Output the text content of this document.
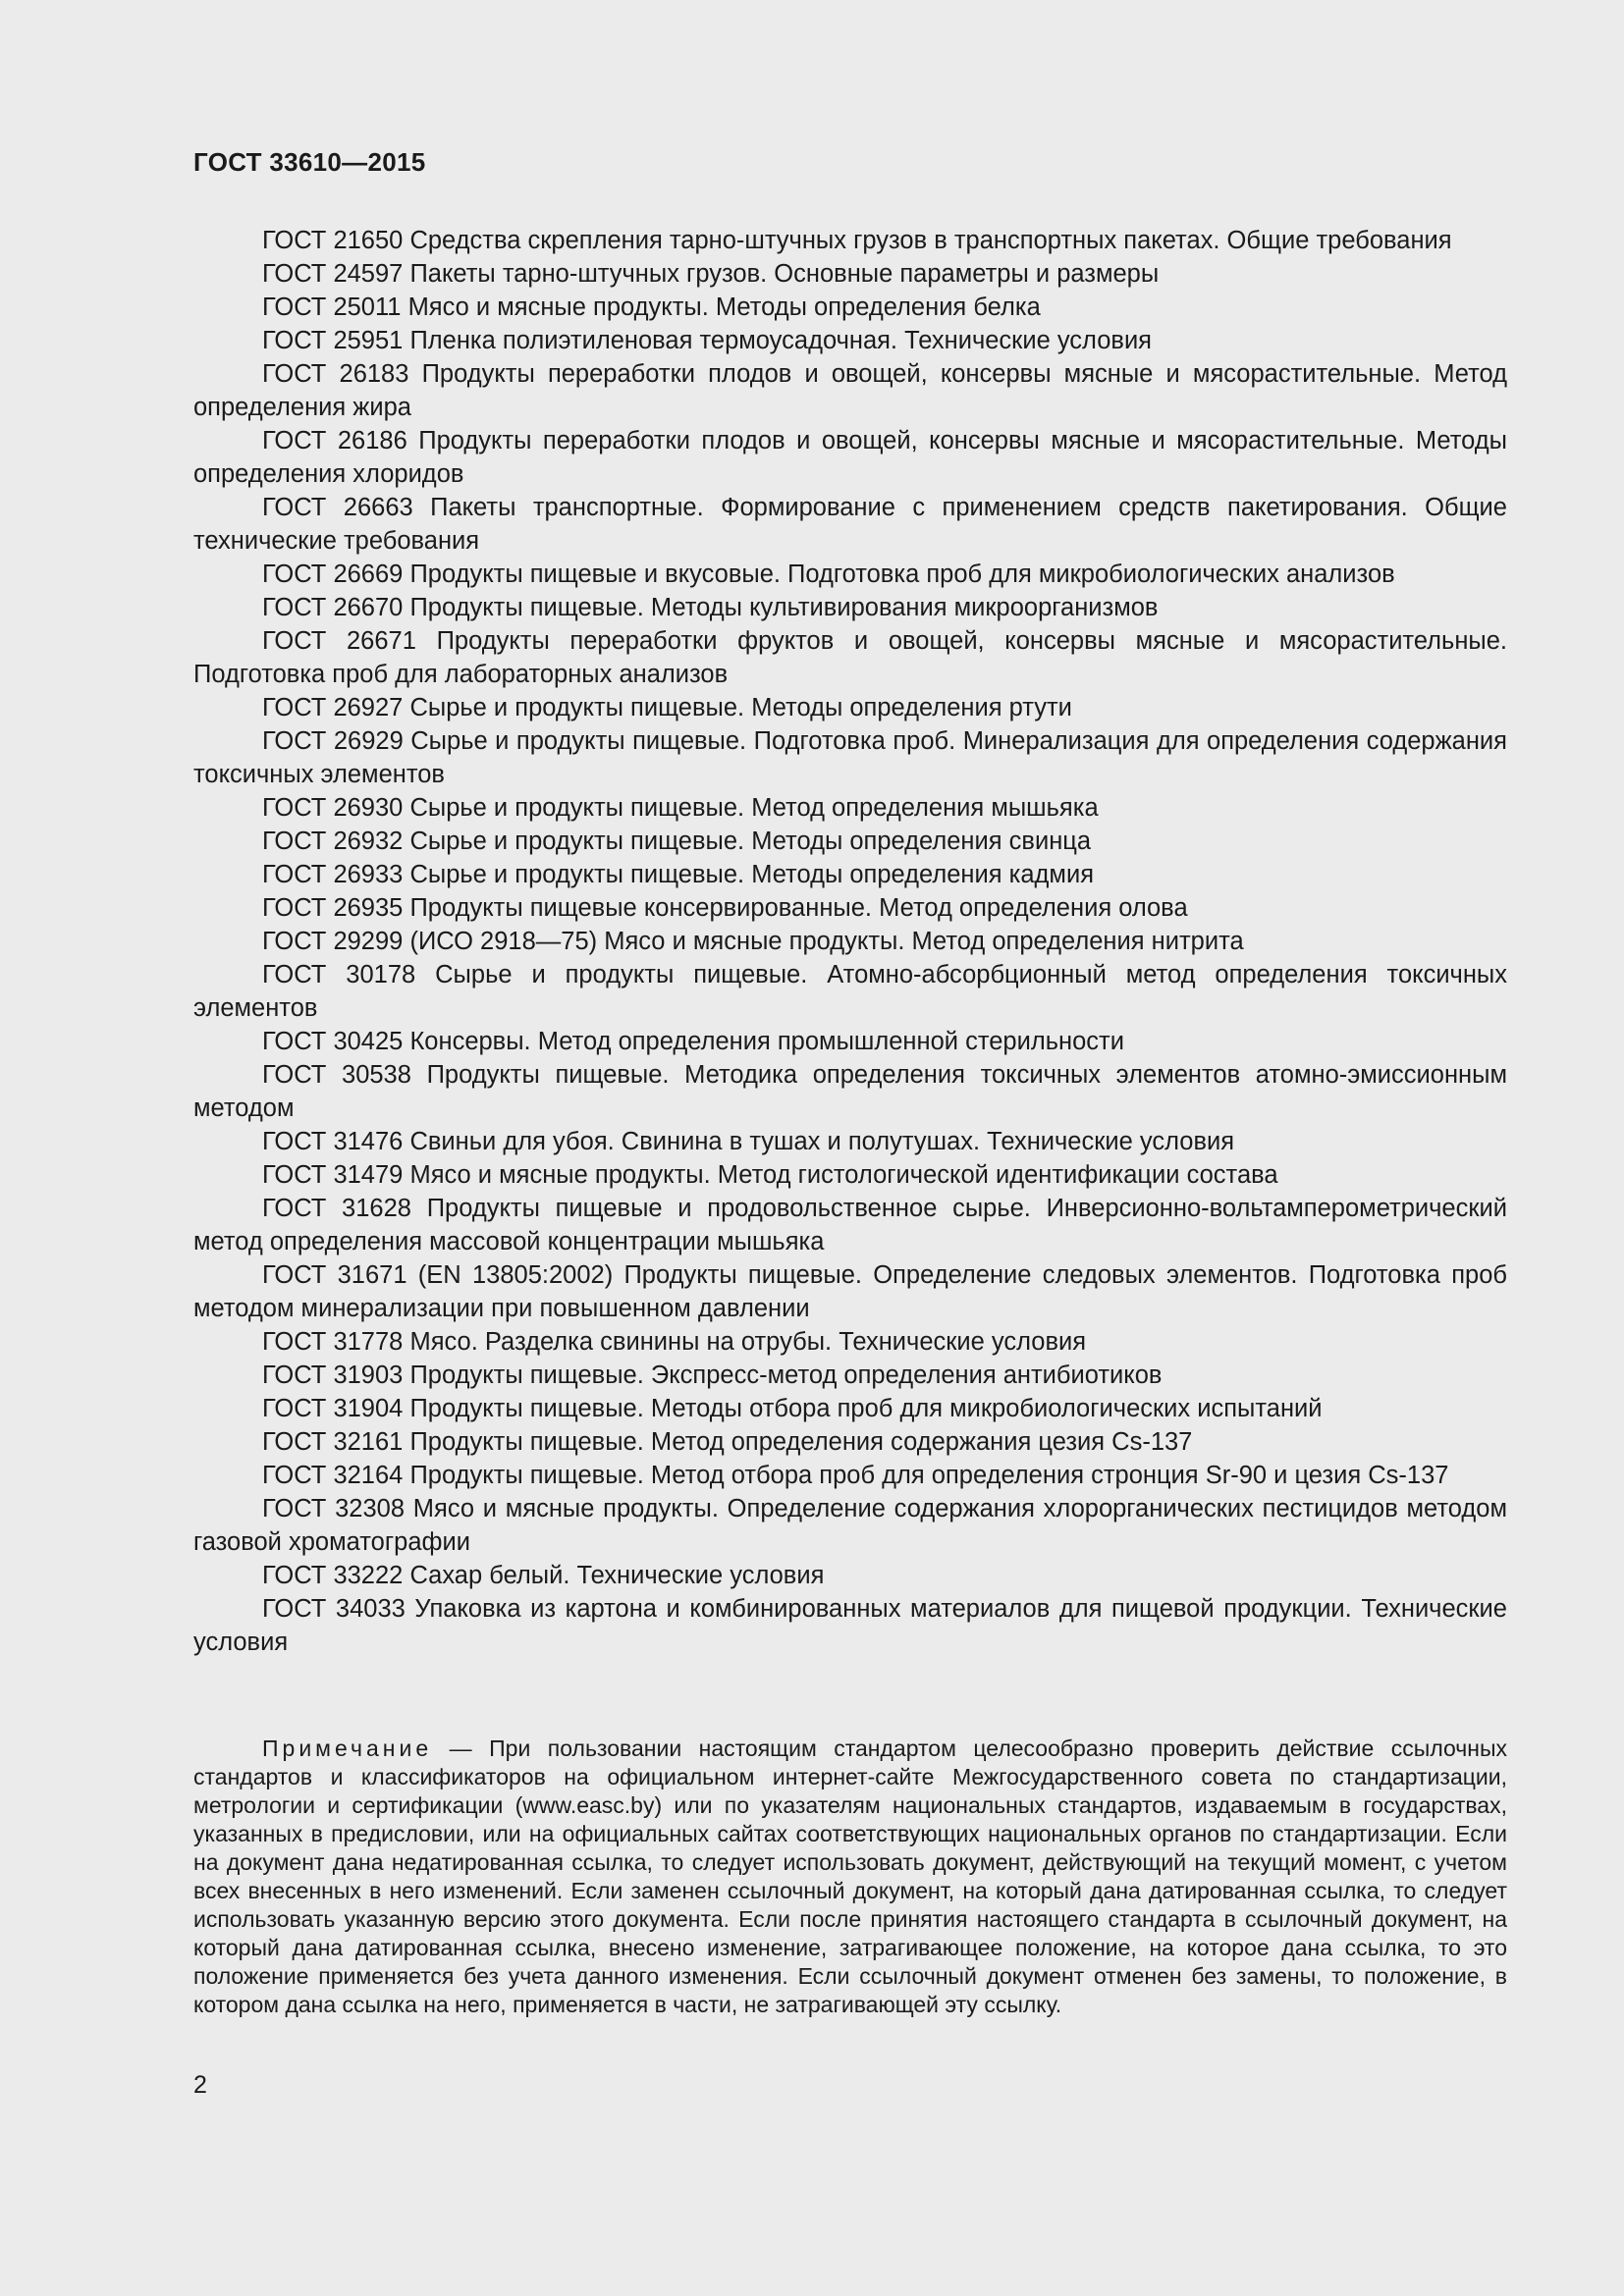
ГОСТ 33610—2015

ГОСТ 21650 Средства скрепления тарно-штучных грузов в транспортных пакетах. Общие требования

ГОСТ 24597 Пакеты тарно-штучных грузов. Основные параметры и размеры

ГОСТ 25011 Мясо и мясные продукты. Методы определения белка

ГОСТ 25951 Пленка полиэтиленовая термоусадочная. Технические условия

ГОСТ 26183 Продукты переработки плодов и овощей, консервы мясные и мясорастительные. Метод определения жира

ГОСТ 26186 Продукты переработки плодов и овощей, консервы мясные и мясорастительные. Методы определения хлоридов

ГОСТ 26663 Пакеты транспортные. Формирование с применением средств пакетирования. Общие технические требования

ГОСТ 26669 Продукты пищевые и вкусовые. Подготовка проб для микробиологических анализов

ГОСТ 26670 Продукты пищевые. Методы культивирования микроорганизмов

ГОСТ 26671 Продукты переработки фруктов и овощей, консервы мясные и мясорастительные. Подготовка проб для лабораторных анализов

ГОСТ 26927 Сырье и продукты пищевые. Методы определения ртути

ГОСТ 26929 Сырье и продукты пищевые. Подготовка проб. Минерализация для определения содержания токсичных элементов

ГОСТ 26930 Сырье и продукты пищевые. Метод определения мышьяка

ГОСТ 26932 Сырье и продукты пищевые. Методы определения свинца

ГОСТ 26933 Сырье и продукты пищевые. Методы определения кадмия

ГОСТ 26935 Продукты пищевые консервированные. Метод определения олова

ГОСТ 29299 (ИСО 2918—75) Мясо и мясные продукты. Метод определения нитрита

ГОСТ 30178 Сырье и продукты пищевые. Атомно-абсорбционный метод определения токсичных элементов

ГОСТ 30425 Консервы. Метод определения промышленной стерильности

ГОСТ 30538 Продукты пищевые. Методика определения токсичных элементов атомно-эмиссионным методом

ГОСТ 31476 Свиньи для убоя. Свинина в тушах и полутушах. Технические условия

ГОСТ 31479 Мясо и мясные продукты. Метод гистологической идентификации состава

ГОСТ 31628 Продукты пищевые и продовольственное сырье. Инверсионно-вольтамперометрический метод определения массовой концентрации мышьяка

ГОСТ 31671 (EN 13805:2002) Продукты пищевые. Определение следовых элементов. Подготовка проб методом минерализации при повышенном давлении

ГОСТ 31778 Мясо. Разделка свинины на отрубы. Технические условия

ГОСТ 31903 Продукты пищевые. Экспресс-метод определения антибиотиков

ГОСТ 31904 Продукты пищевые. Методы отбора проб для микробиологических испытаний

ГОСТ 32161 Продукты пищевые. Метод определения содержания цезия Cs-137

ГОСТ 32164 Продукты пищевые. Метод отбора проб для определения стронция Sr-90 и цезия Cs-137

ГОСТ 32308 Мясо и мясные продукты. Определение содержания хлорорганических пестицидов методом газовой хроматографии

ГОСТ 33222 Сахар белый. Технические условия

ГОСТ 34033 Упаковка из картона и комбинированных материалов для пищевой продукции. Технические условия

Примечание — При пользовании настоящим стандартом целесообразно проверить действие ссылочных стандартов и классификаторов на официальном интернет-сайте Межгосударственного совета по стандартизации, метрологии и сертификации (www.easc.by) или по указателям национальных стандартов, издаваемым в государствах, указанных в предисловии, или на официальных сайтах соответствующих национальных органов по стандартизации. Если на документ дана недатированная ссылка, то следует использовать документ, действующий на текущий момент, с учетом всех внесенных в него изменений. Если заменен ссылочный документ, на который дана датированная ссылка, то следует использовать указанную версию этого документа. Если после принятия настоящего стандарта в ссылочный документ, на который дана датированная ссылка, внесено изменение, затрагивающее положение, на которое дана ссылка, то это положение применяется без учета данного изменения. Если ссылочный документ отменен без замены, то положение, в котором дана ссылка на него, применяется в части, не затрагивающей эту ссылку.

2
